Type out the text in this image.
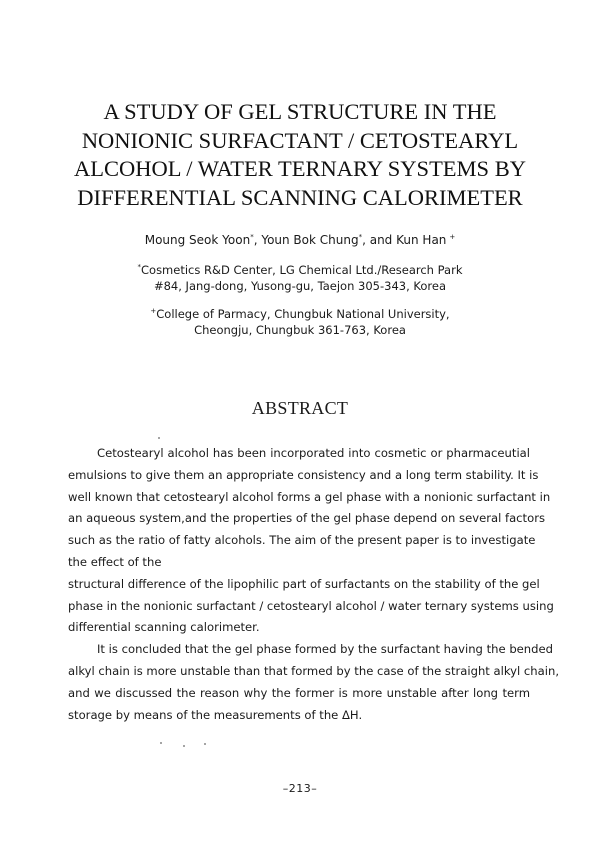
A STUDY OF GEL STRUCTURE IN THE
NONIONIC SURFACTANT / CETOSTEARYL
ALCOHOL / WATER TERNARY SYSTEMS BY
DIFFERENTIAL SCANNING CALORIMETER
Moung Seok Yoon*, Youn Bok Chung*, and Kun Han +
*Cosmetics R&D Center, LG Chemical Ltd./Research Park
#84, Jang-dong, Yusong-gu, Taejon 305-343, Korea
+College of Parmacy, Chungbuk National University,
Cheongju, Chungbuk 361-763, Korea
ABSTRACT
Cetostearyl alcohol has been incorporated into cosmetic or pharmaceutial
emulsions to give them an appropriate consistency and a long term stability. It is
well known that cetostearyl alcohol forms a gel phase with a nonionic surfactant in
an aqueous system,and the properties of the gel phase depend on several factors
such as the ratio of fatty alcohols. The aim of the present paper is to investigate
the effect of the
structural difference of the lipophilic part of surfactants on the stability of the gel
phase in the nonionic surfactant / cetostearyl alcohol / water ternary systems using
differential scanning calorimeter.
It is concluded that the gel phase formed by the surfactant having the bended
alkyl chain is more unstable than that formed by the case of the straight alkyl chain,
and we discussed the reason why the former is more unstable after long term
storage by means of the measurements of the ΔH.
–213–
